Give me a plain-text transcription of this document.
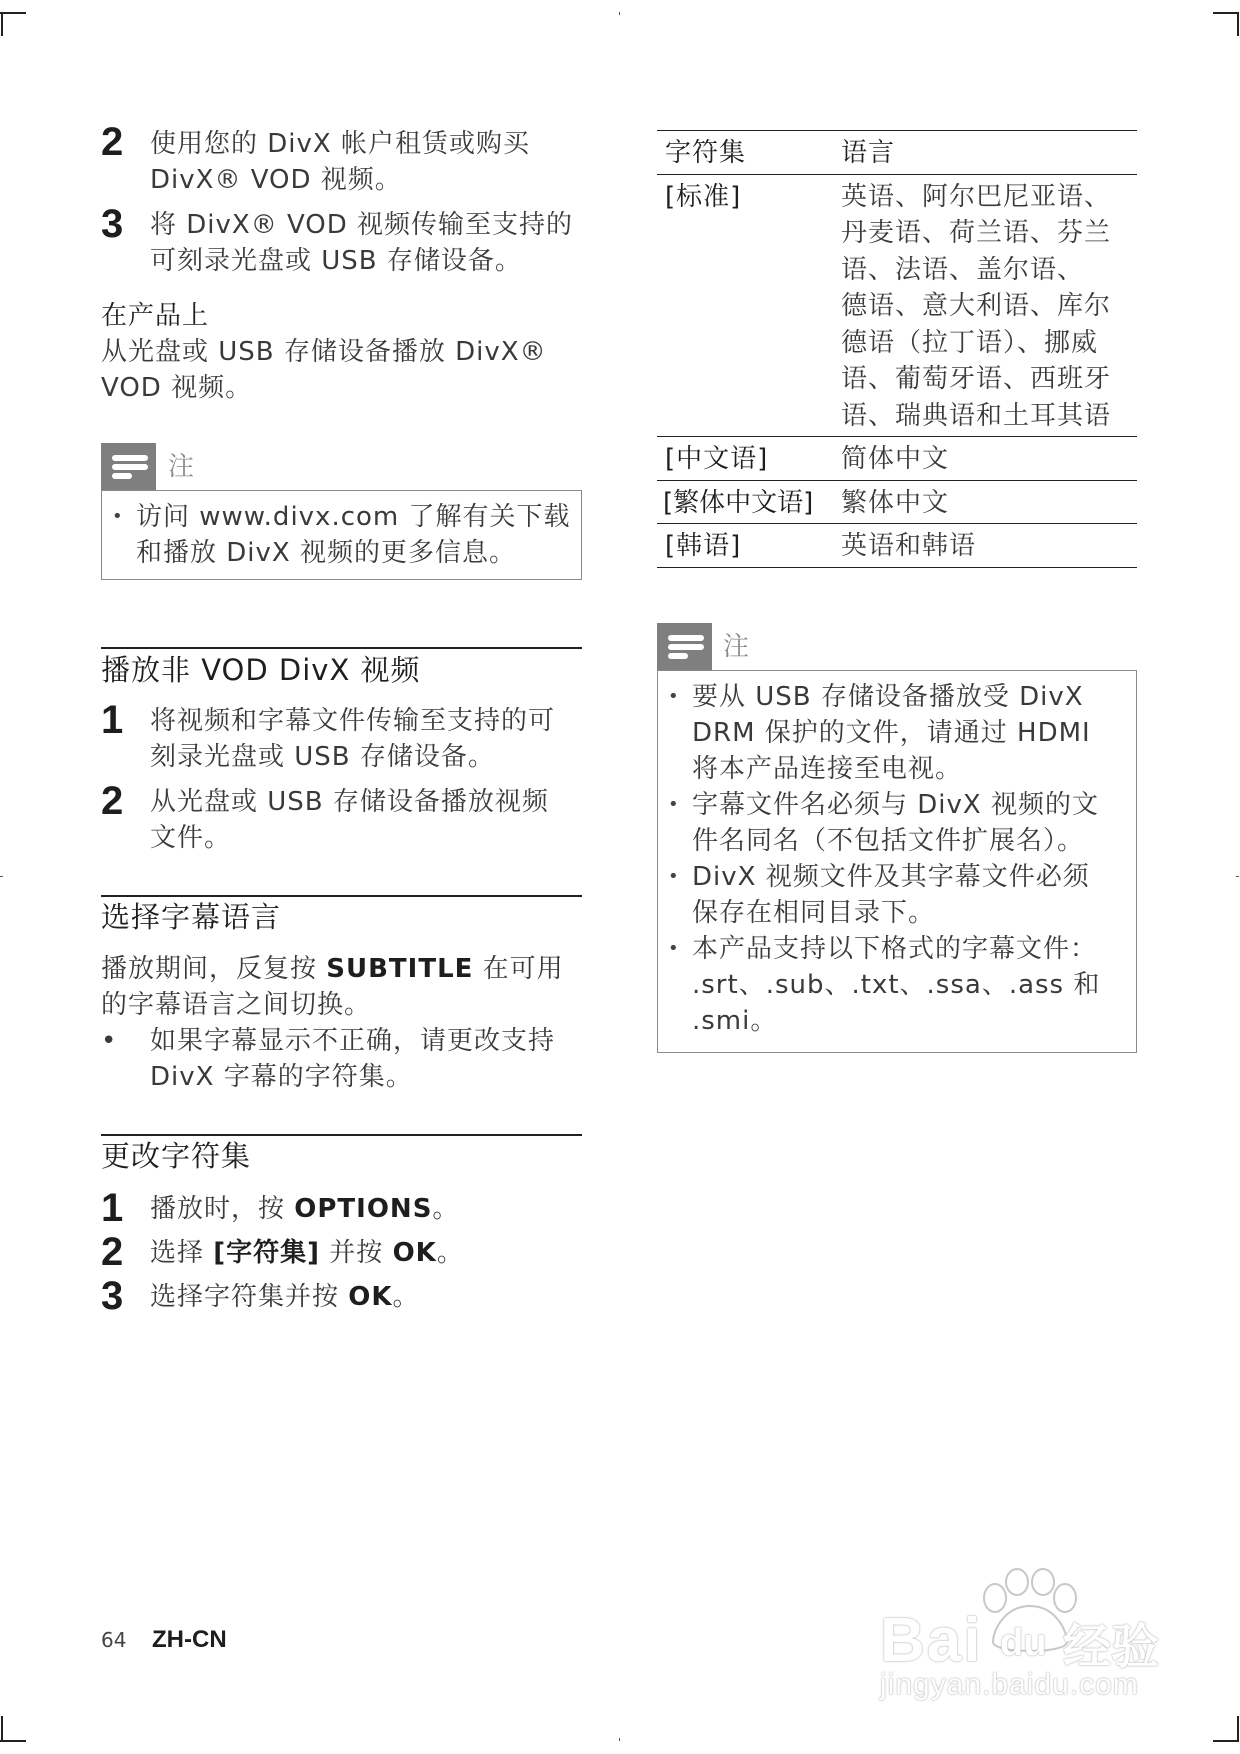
2 使用您的 DivX 帐户租赁或购买
DivX® VOD 视频。
3 将 DivX® VOD 视频传输至支持的
可刻录光盘或 USB 存储设备。
在产品上
从光盘或 USB 存储设备播放 DivX®
VOD 视频。
注
• 访问 www.divx.com 了解有关下载
和播放 DivX 视频的更多信息。
播放非 VOD DivX 视频
1 将视频和字幕文件传输至支持的可
刻录光盘或 USB 存储设备。
2 从光盘或 USB 存储设备播放视频
文件。
选择字幕语言
播放期间，反复按 SUBTITLE 在可用
的字幕语言之间切换。
• 如果字幕显示不正确，请更改支持
DivX 字幕的字符集。
更改字符集
1 播放时，按 OPTIONS。
2 选择 [字符集] 并按 OK。
3 选择字符集并按 OK。
字符集	语言
[标准]	英语、阿尔巴尼亚语、
丹麦语、荷兰语、芬兰
语、法语、盖尔语、
德语、意大利语、库尔
德语（拉丁语）、挪威
语、葡萄牙语、西班牙
语、瑞典语和土耳其语

[中文语]	简体中文
[繁体中文语]	繁体中文
[韩语]	英语和韩语
注
• 要从 USB 存储设备播放受 DivX
DRM 保护的文件，请通过 HDMI
将本产品连接至电视。
• 字幕文件名必须与 DivX 视频的文
件名同名（不包括文件扩展名）。
• DivX 视频文件及其字幕文件必须
保存在相同目录下。
• 本产品支持以下格式的字幕文件：
.srt、.sub、.txt、.ssa、.ass 和
.smi。
64 ZH-CN	Bai du 经验
jingyan.baidu.com
